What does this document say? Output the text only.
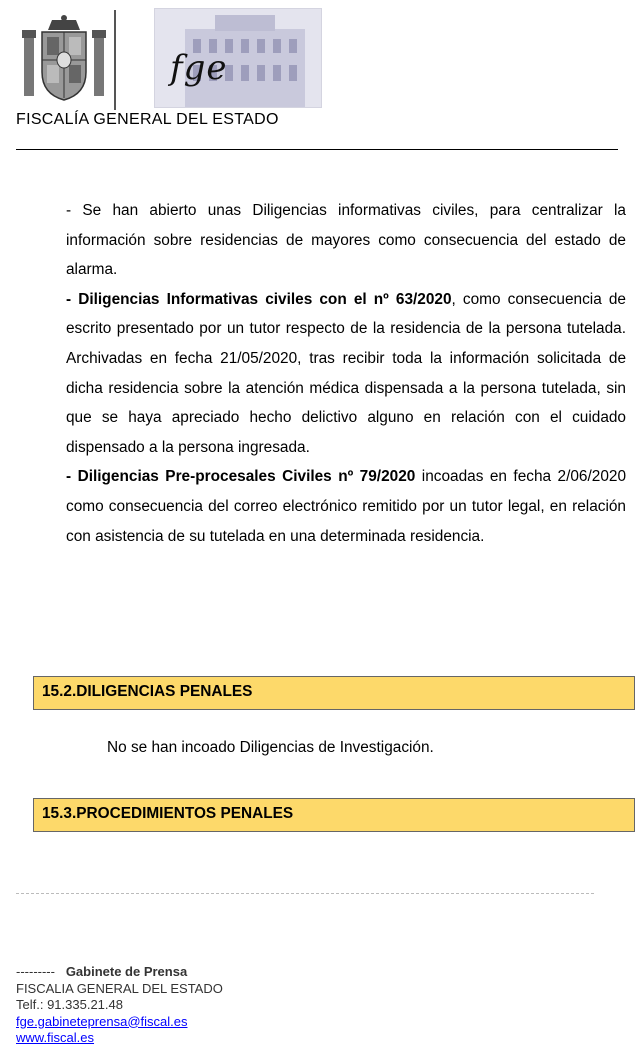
fge
FISCALÍA GENERAL DEL ESTADO

- Se han abierto unas Diligencias informativas civiles, para centralizar la información sobre residencias de mayores como consecuencia del estado de alarma.

- Diligencias Informativas civiles con el nº 63/2020, como consecuencia de escrito presentado por un tutor respecto de la residencia de la persona tutelada. Archivadas en fecha 21/05/2020, tras recibir toda la información solicitada de dicha residencia sobre la atención médica dispensada a la persona tutelada, sin que se haya apreciado hecho delictivo alguno en relación con el cuidado dispensado a la persona ingresada.

- Diligencias Pre-procesales Civiles nº 79/2020 incoadas en fecha 2/06/2020 como consecuencia del correo electrónico remitido por un tutor legal, en relación con asistencia de su tutelada en una determinada residencia.

15.2.DILIGENCIAS PENALES
No se han incoado Diligencias de Investigación.
15.3.PROCEDIMIENTOS PENALES
--------- Gabinete de Prensa
FISCALIA GENERAL DEL ESTADO
Telf.: 91.335.21.48
fge.gabineteprensa@fiscal.es
www.fiscal.es
